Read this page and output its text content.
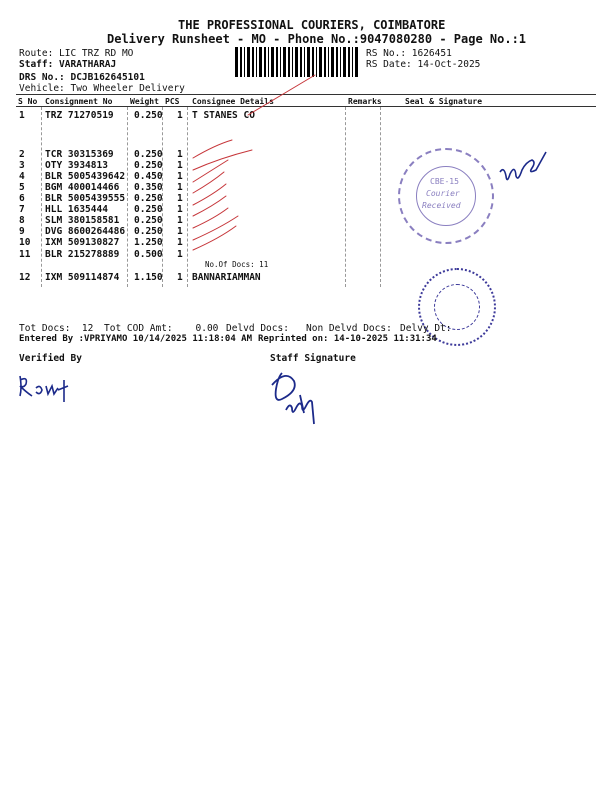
THE PROFESSIONAL COURIERS, COIMBATORE
Delivery Runsheet - MO - Phone No.:9047080280 - Page No.:1
Route: LIC TRZ RD MO
Staff: VARATHARAJ
DRS No.: DCJB162645101
Vehicle: Two Wheeler Delivery
RS No.: 1626451
RS Date: 14-Oct-2025
S No Consignment No Weight PCS Consignee Details	Remarks	Seal & Signature
1 TRZ 71270519 0.250 1 T STANES CO
2 TCR 30315369 0.250 1
3 OTY 3934813	0.250 1
4 BLR 5005439642 0.450 1
5 BGM 400014466 0.350 1
6 BLR 5005439555 0.250 1
7 HLL 1635444	0.250 1
8 SLM 380158581 0.250 1
9 DVG 8600264486 0.250 1
10 IXM 509130827 1.250 1
11 BLR 215278889 0.500 1
12 IXM 509114874 1.150 1 BANNARIAMMAN
No.Of Docs: 11
CBE-15
Courier
Received
Tot Docs:  12 Tot COD Amt:    0.00 Delvd Docs: Non Delvd Docs: Delvy Dt:
Entered By :VPRIYAMO 10/14/2025 11:18:04 AM Reprinted on: 14-10-2025 11:31:34
Verified By	Staff Signature
